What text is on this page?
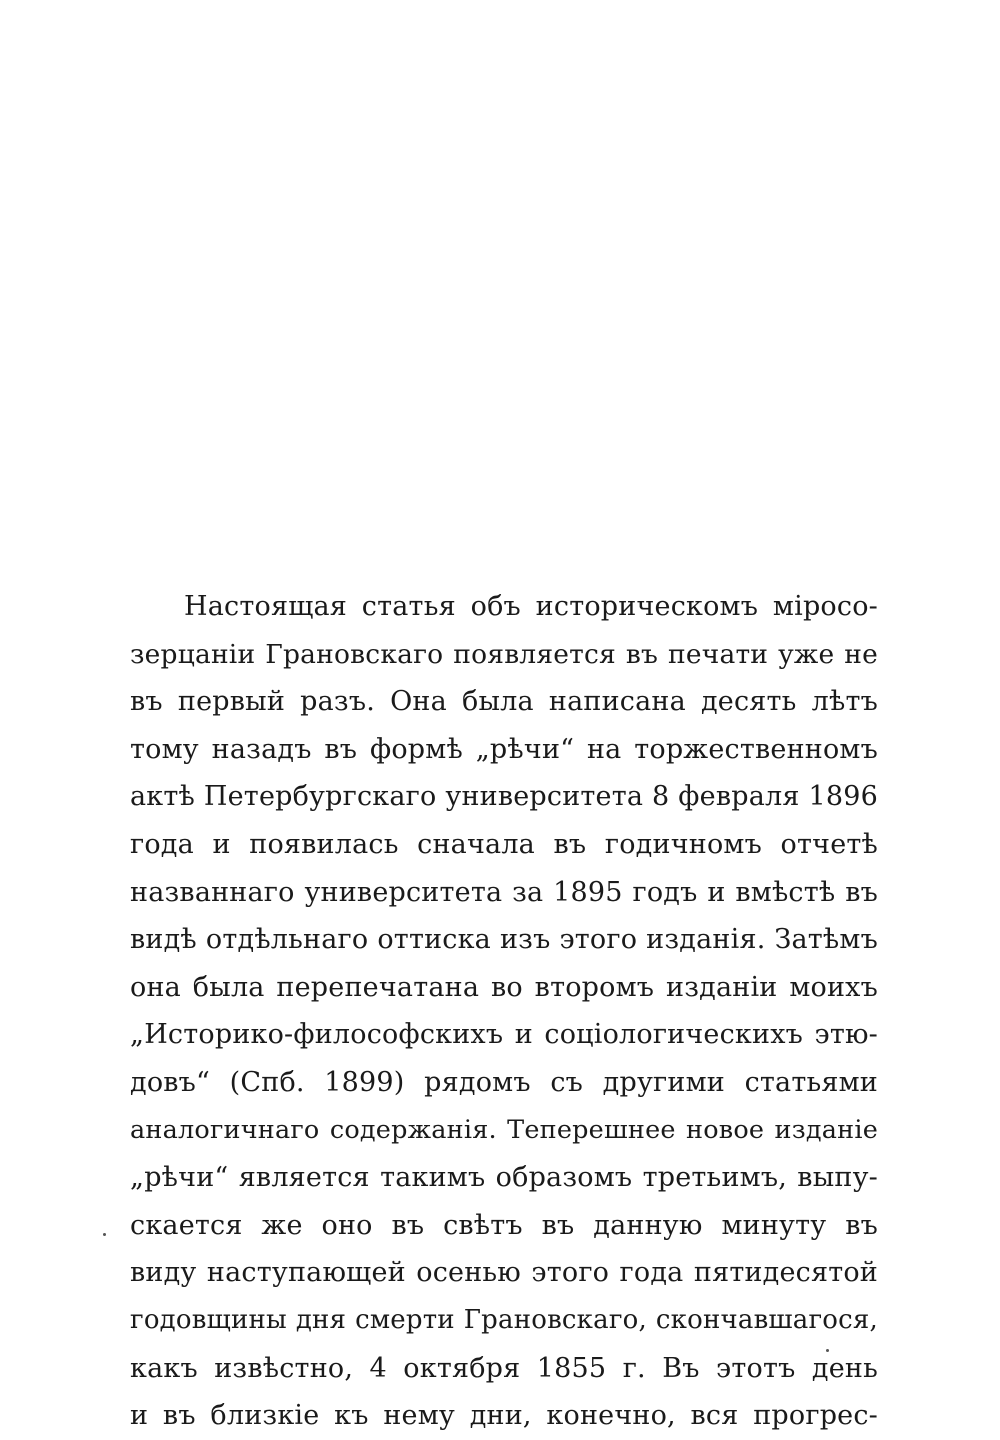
Настоящая статья объ историческомъ міросо-
зерцаніи Грановскаго появляется въ печати уже не
въ первый разъ. Она была написана десять лѣтъ
тому назадъ въ формѣ „рѣчи“ на торжественномъ
актѣ Петербургскаго университета 8 февраля 1896
года и появилась сначала въ годичномъ отчетѣ
названнаго университета за 1895 годъ и вмѣстѣ въ
видѣ отдѣльнаго оттиска изъ этого изданія. Затѣмъ
она была перепечатана во второмъ изданіи моихъ
„Историко-философскихъ и соціологическихъ этю-
довъ“ (Спб. 1899) рядомъ съ другими статьями
аналогичнаго содержанія. Теперешнее новое изданіе
„рѣчи“ является такимъ образомъ третьимъ, выпу-
скается же оно въ свѣтъ въ данную минуту въ
виду наступающей осенью этого года пятидесятой
годовщины дня смерти Грановскаго, скончавшагося,
какъ извѣстно, 4 октября 1855 г. Въ этотъ день
и въ близкіе къ нему дни, конечно, вся прогрес-
